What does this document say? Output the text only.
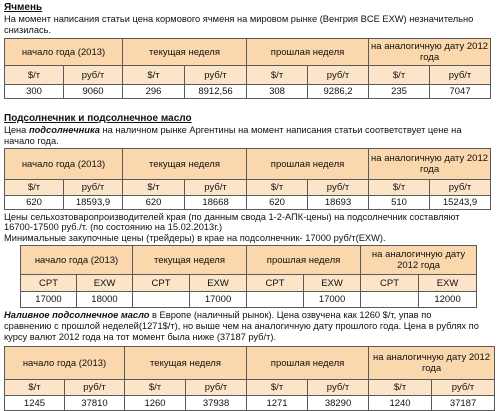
Ячмень
На момент написания статьи цена кормового ячменя на мировом рынке (Венгрия BCE EXW) незначительно
снизилась.
начало года (2013)		текущая неделя		прошлая неделя		на аналогичную дату 2012 года	
$/т	руб/т	$/т	руб/т	$/т	руб/т	$/т	руб/т
300	9060	296	8912,56	308	9286,2	235	7047
Подсолнечник и подсолнечное масло
Цена подсолнечника на наличном рынке Аргентины на момент написания статьи соответствует цене на
начало года.
начало года (2013)		текущая неделя		прошлая неделя		на аналогичную дату 2012 года	
$/т	руб/т	$/т	руб/т	$/т	руб/т	$/т	руб/т
620	18593,9	620	18668	620	18693	510	15243,9
Цены сельхозтоваропроизводителей края (по данным свода 1-2-АПК-цены) на подсолнечник составляют
16700-17500 руб./т. (по состоянию на 15.02.2013г.)
Минимальные закупочные цены (трейдеры) в крае на подсолнечник- 17000 руб/т(EXW).
начало года (2013)		текущая неделя		прошлая неделя		на аналогичную дату 2012 года	
CPT	EXW	CPT	EXW	CPT	EXW	CPT	EXW
17000	18000		17000		17000		12000
Наливное подсолнечное масло в Европе (наличный рынок). Цена озвучена как 1260 $/т, упав по
сравнению с прошлой неделей(1271$/т), но выше чем на аналогичную дату прошлого года. Цена в рублях по
курсу валют 2012 года на тот момент была ниже (37187 руб/т).
начало года (2013)		текущая неделя		прошлая неделя		на аналогичную дату 2012 года	
$/т	руб/т	$/т	руб/т	$/т	руб/т	$/т	руб/т
1245	37810	1260	37938	1271	38290	1240	37187
